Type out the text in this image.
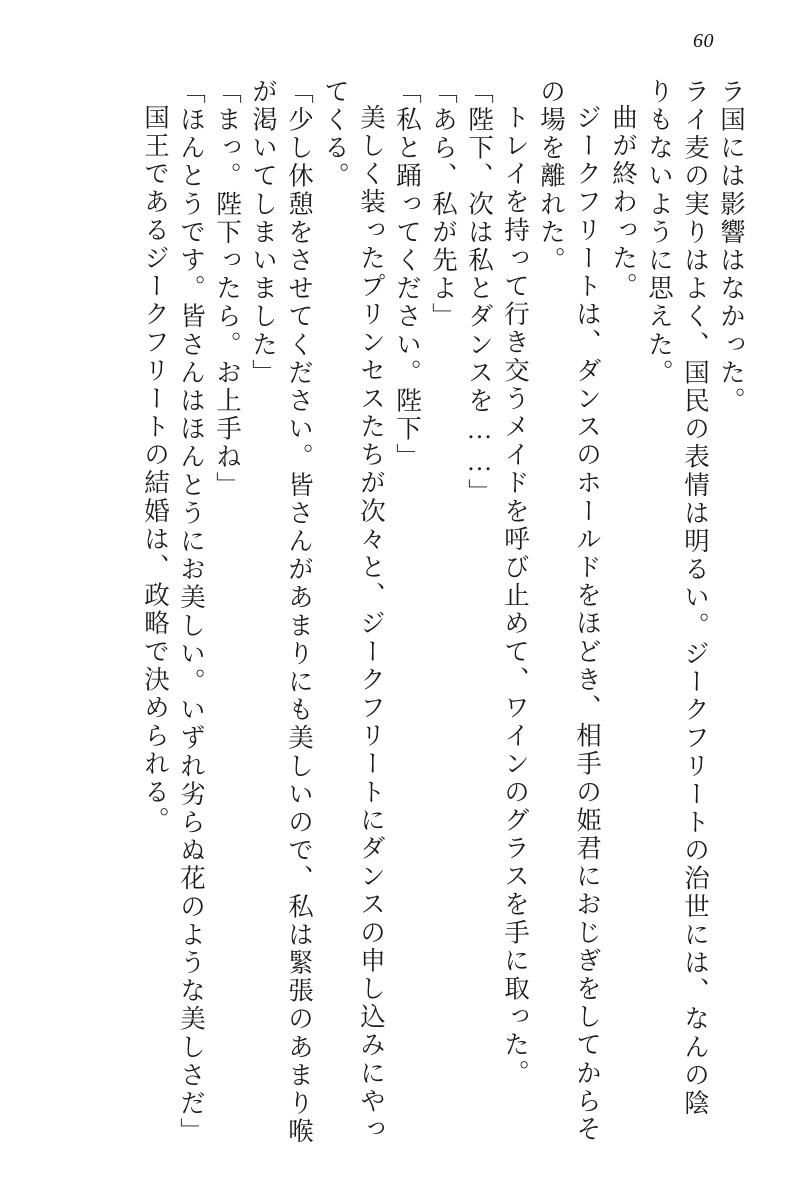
60
ラ国には影響はなかった。
ライ麦の実りはよく、国民の表情は明るい。ジークフリートの治世には、なんの陰
りもないように思えた。
曲が終わった。
ジークフリートは、ダンスのホールドをほどき、相手の姫君におじぎをしてからそ
の場を離れた。
トレイを持って行き交うメイドを呼び止めて、ワインのグラスを手に取った。
「陛下、次は私とダンスを……」
「あら、私が先よ」
「私と踊ってください。陛下」
美しく装ったプリンセスたちが次々と、ジークフリートにダンスの申し込みにやっ
てくる。
「少し休憩をさせてください。皆さんがあまりにも美しいので、私は緊張のあまり喉
が渇いてしまいました」
「まっ。陛下ったら。お上手ね」
「ほんとうです。皆さんはほんとうにお美しい。いずれ劣らぬ花のような美しさだ」
国王であるジークフリートの結婚は、政略で決められる。
